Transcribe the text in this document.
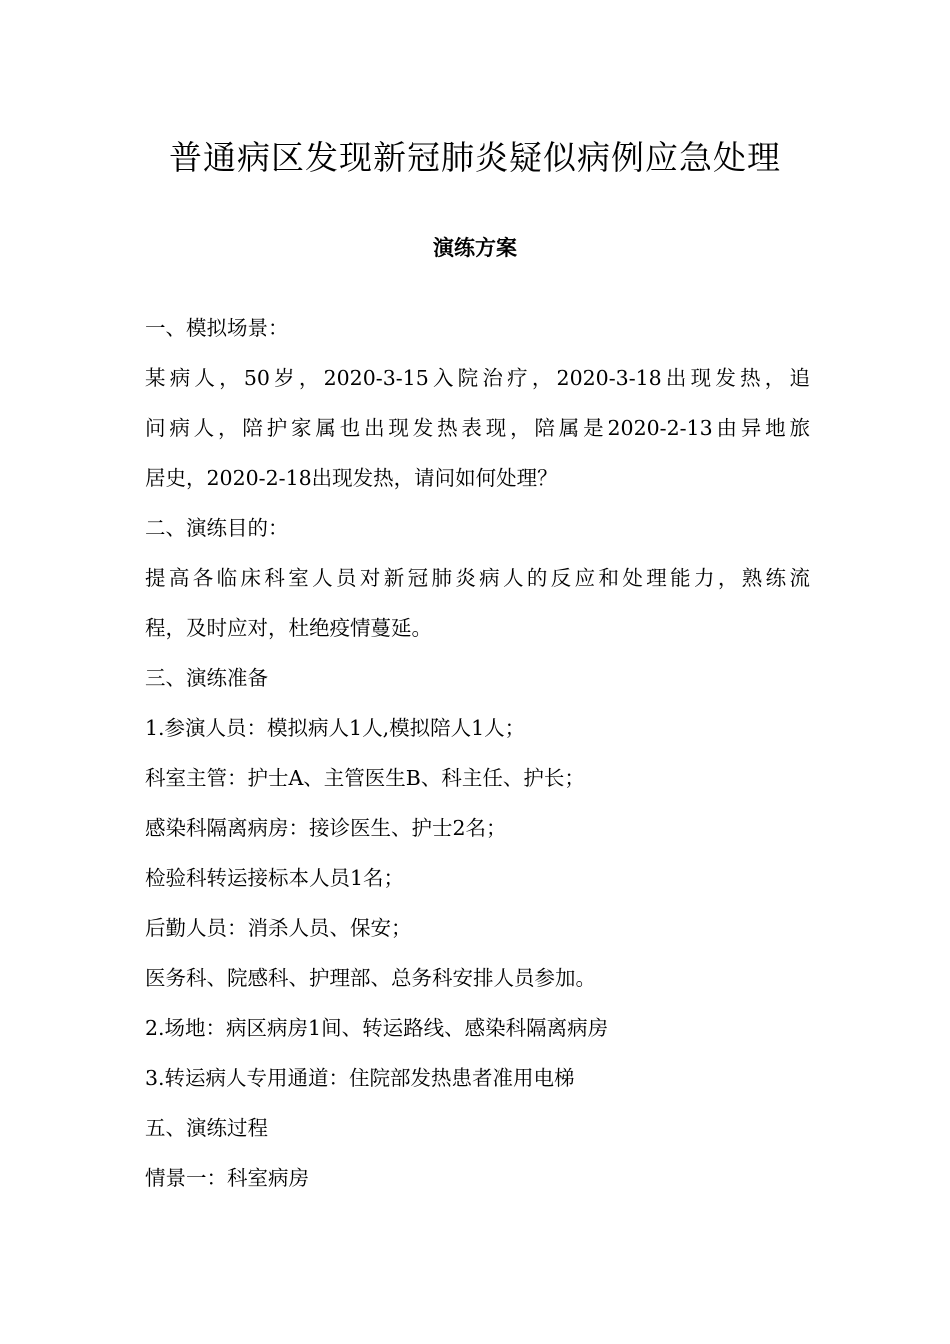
普通病区发现新冠肺炎疑似病例应急处理
演练方案
一、模拟场景：
某病人，50岁，2020-3-15入院治疗，2020-3-18出现发热，追
问病人，陪护家属也出现发热表现，陪属是2020-2-13由异地旅
居史，2020-2-18出现发热，请问如何处理？
二、演练目的：
提高各临床科室人员对新冠肺炎病人的反应和处理能力，熟练流
程，及时应对，杜绝疫情蔓延。
三、演练准备
1.参演人员：模拟病人1人,模拟陪人1人；
科室主管：护士A、主管医生B、科主任、护长；
感染科隔离病房：接诊医生、护士2名；
检验科转运接标本人员1名；
后勤人员：消杀人员、保安；
医务科、院感科、护理部、总务科安排人员参加。
2.场地：病区病房1间、转运路线、感染科隔离病房
3.转运病人专用通道：住院部发热患者准用电梯
五、演练过程
情景一：科室病房
